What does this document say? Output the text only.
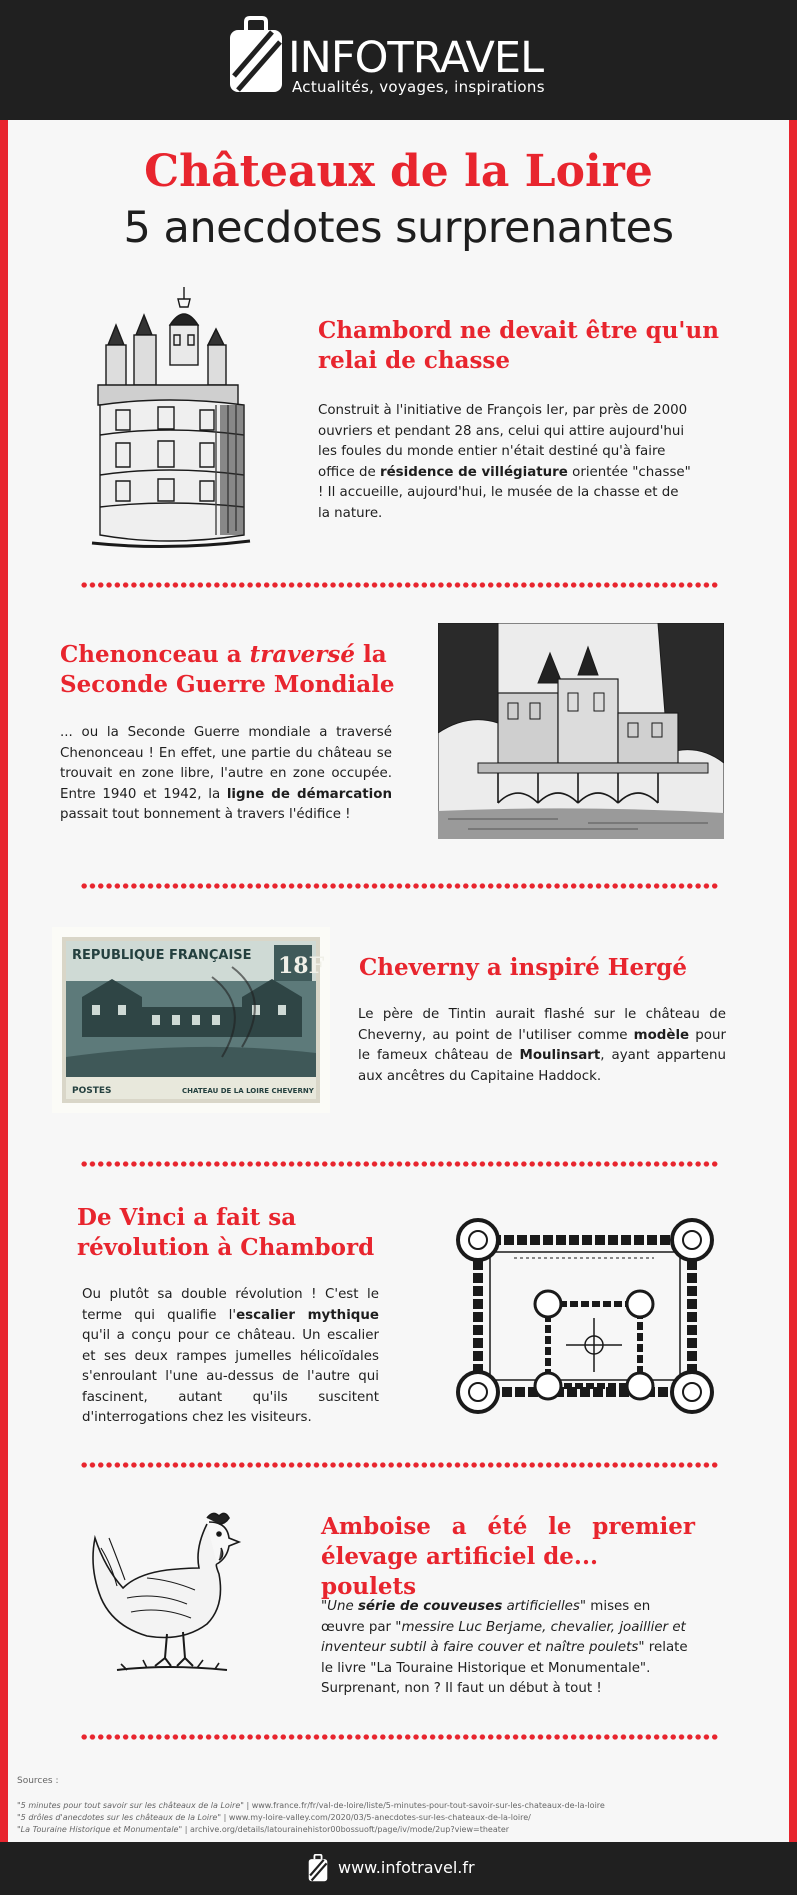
INFOTRAVEL
Actualités, voyages, inspirations
Châteaux de la Loire
5 anecdotes surprenantes
Chambord ne devait être qu'un
relai de chasse
Construit à l'initiative de François Ier, par près de 2000 ouvriers et pendant 28 ans, celui qui attire aujourd'hui les foules du monde entier n'était destiné qu'à faire office de résidence de villégiature orientée "chasse" ! Il accueille, aujourd'hui, le musée de la chasse et de la nature.
Chenonceau a traversé la
Seconde Guerre Mondiale
... ou la Seconde Guerre mondiale a traversé Chenonceau ! En effet, une partie du château se trouvait en zone libre, l'autre en zone occupée. Entre 1940 et 1942, la ligne de démarcation passait tout bonnement à travers l'édifice !
REPUBLIQUE FRANÇAISE 18F
POSTES	CHATEAU DE LA LOIRE CHEVERNY
Cheverny a inspiré Hergé
Le père de Tintin aurait flashé sur le château de Cheverny, au point de l'utiliser comme modèle pour le fameux château de Moulinsart, ayant appartenu aux ancêtres du Capitaine Haddock.
De Vinci a fait sa
révolution à Chambord
Ou plutôt sa double révolution ! C'est le terme qui qualifie l'escalier mythique qu'il a conçu pour ce château. Un escalier et ses deux rampes jumelles hélicoïdales s'enroulant l'une au-dessus de l'autre qui fascinent, autant qu'ils suscitent d'interrogations chez les visiteurs.
Amboise a été le premier
élevage artificiel de... poulets
"Une série de couveuses artificielles" mises en œuvre par "messire Luc Berjame, chevalier, joaillier et inventeur subtil à faire couver et naître poulets" relate le livre "La Touraine Historique et Monumentale". Surprenant, non ? Il faut un début à tout !
Sources :
"5 minutes pour tout savoir sur les châteaux de la Loire" | www.france.fr/fr/val-de-loire/liste/5-minutes-pour-tout-savoir-sur-les-chateaux-de-la-loire
"5 drôles d'anecdotes sur les châteaux de la Loire" | www.my-loire-valley.com/2020/03/5-anecdotes-sur-les-chateaux-de-la-loire/
"La Touraine Historique et Monumentale" | archive.org/details/latourainehistor00bossuoft/page/iv/mode/2up?view=theater
www.infotravel.fr
